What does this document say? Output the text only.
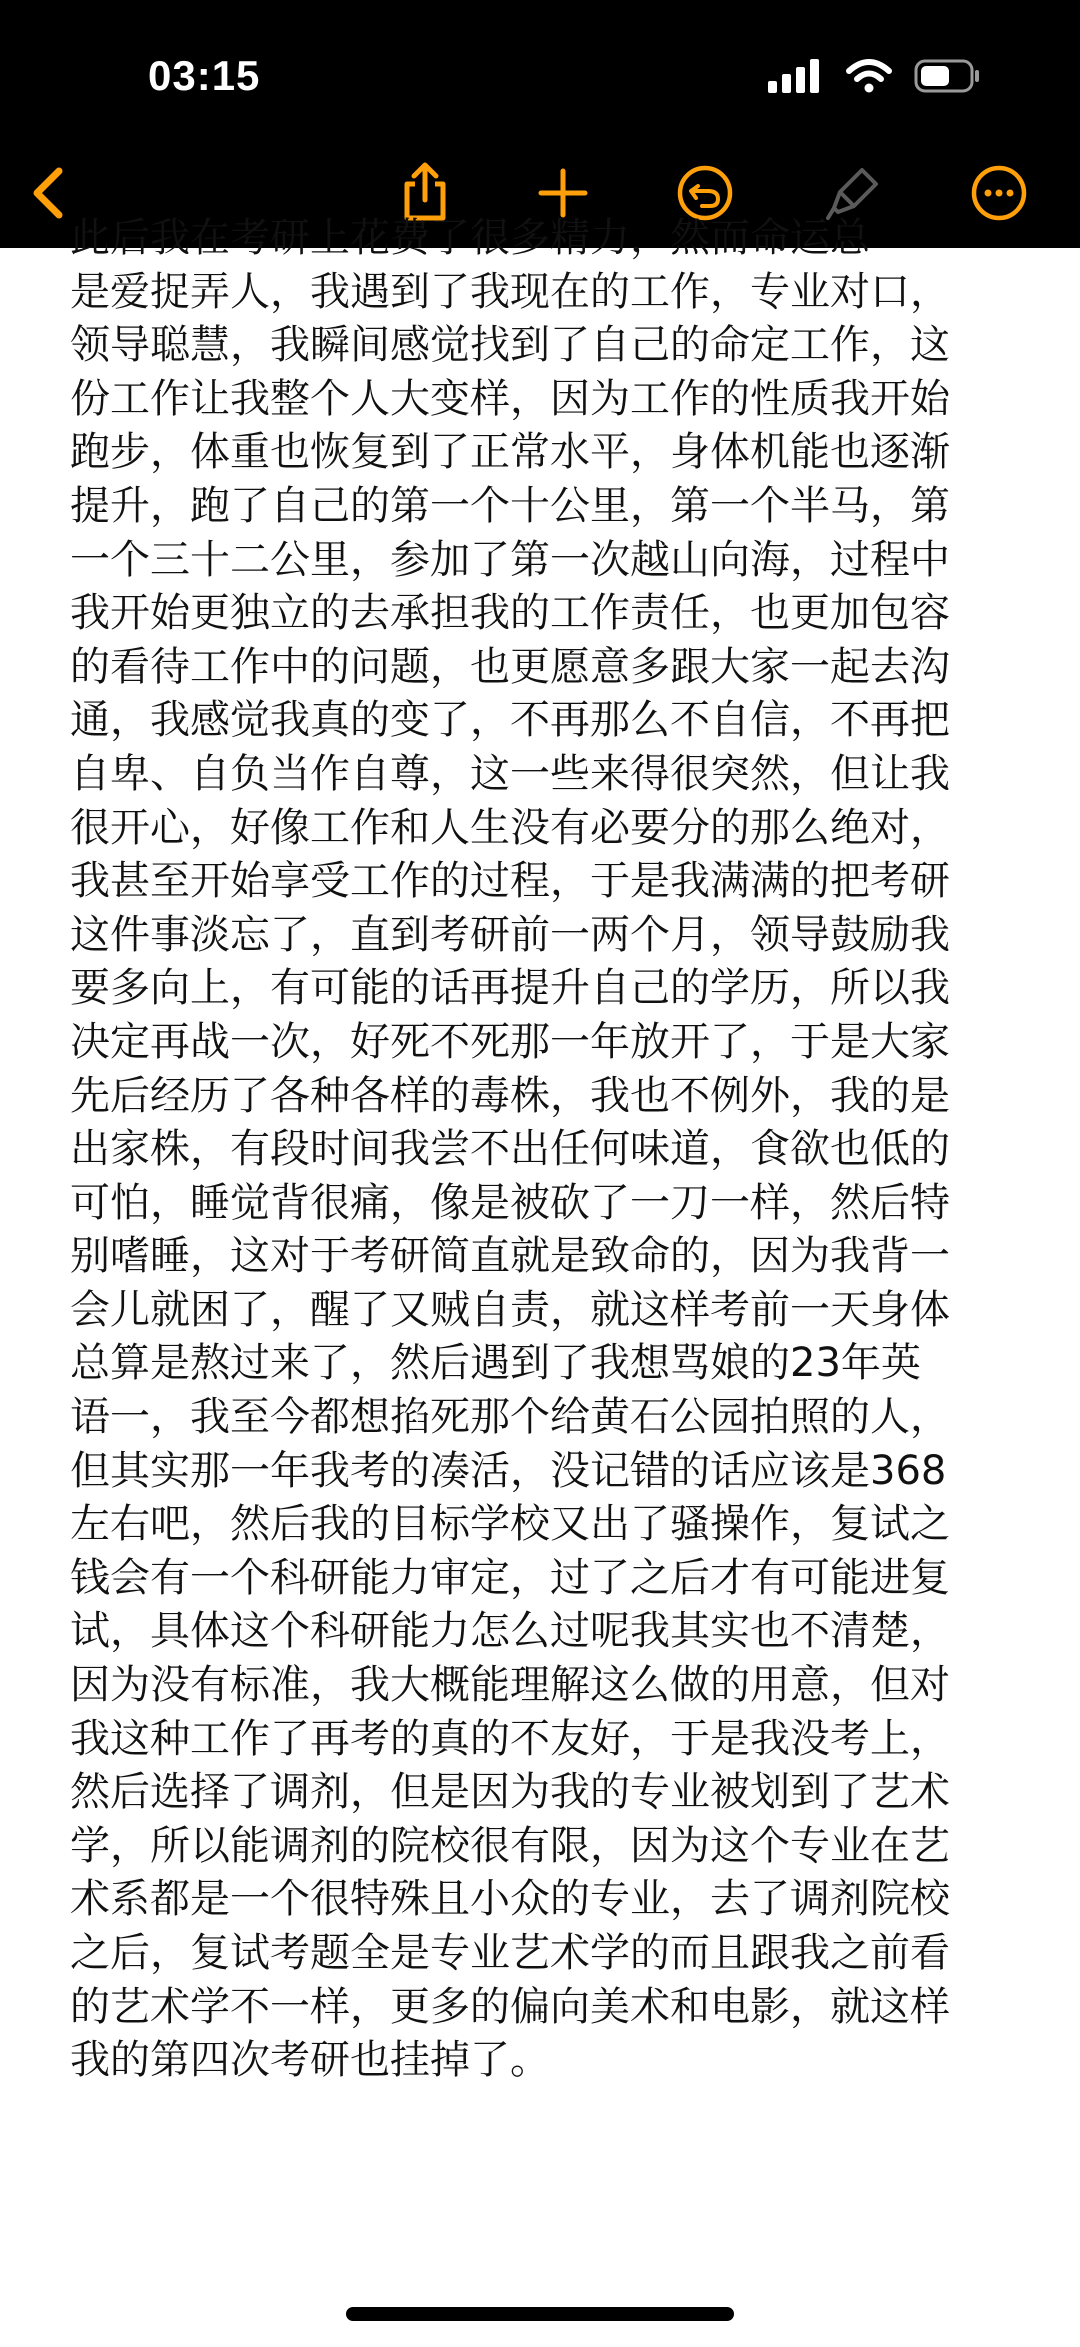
03:15
此后我在考研上花费了很多精力，然而命运总
是爱捉弄人，我遇到了我现在的工作，专业对口，
领导聪慧，我瞬间感觉找到了自己的命定工作，这
份工作让我整个人大变样，因为工作的性质我开始
跑步，体重也恢复到了正常水平，身体机能也逐渐
提升，跑了自己的第一个十公里，第一个半马，第
一个三十二公里，参加了第一次越山向海，过程中
我开始更独立的去承担我的工作责任，也更加包容
的看待工作中的问题，也更愿意多跟大家一起去沟
通，我感觉我真的变了，不再那么不自信，不再把
自卑、自负当作自尊，这一些来得很突然，但让我
很开心，好像工作和人生没有必要分的那么绝对，
我甚至开始享受工作的过程，于是我满满的把考研
这件事淡忘了，直到考研前一两个月，领导鼓励我
要多向上，有可能的话再提升自己的学历，所以我
决定再战一次，好死不死那一年放开了，于是大家
先后经历了各种各样的毒株，我也不例外，我的是
出家株，有段时间我尝不出任何味道，食欲也低的
可怕，睡觉背很痛，像是被砍了一刀一样，然后特
别嗜睡，这对于考研简直就是致命的，因为我背一
会儿就困了，醒了又贼自责，就这样考前一天身体
总算是熬过来了，然后遇到了我想骂娘的23年英
语一，我至今都想掐死那个给黄石公园拍照的人，
但其实那一年我考的凑活，没记错的话应该是368
左右吧，然后我的目标学校又出了骚操作，复试之
钱会有一个科研能力审定，过了之后才有可能进复
试，具体这个科研能力怎么过呢我其实也不清楚，
因为没有标准，我大概能理解这么做的用意，但对
我这种工作了再考的真的不友好，于是我没考上，
然后选择了调剂，但是因为我的专业被划到了艺术
学，所以能调剂的院校很有限，因为这个专业在艺
术系都是一个很特殊且小众的专业，去了调剂院校
之后，复试考题全是专业艺术学的而且跟我之前看
的艺术学不一样，更多的偏向美术和电影，就这样
我的第四次考研也挂掉了。
